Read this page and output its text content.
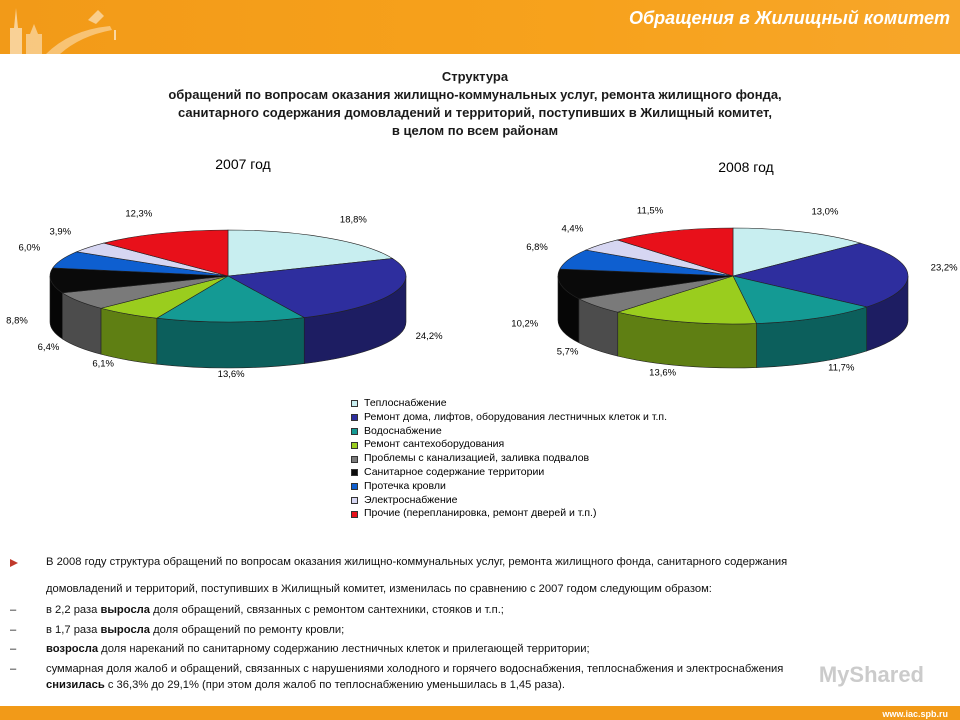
Обращения в Жилищный комитет
Структура
обращений по вопросам оказания жилищно-коммунальных услуг, ремонта жилищного фонда,
санитарного содержания домовладений и территорий, поступивших в Жилищный комитет,
в целом по всем районам
18,8%
24,2%
13,6%
6,1%
6,4%
8,8%
6,0%
3,9%
12,3%
2007 год
13,0%
23,2%
11,7%
13,6%
5,7%
10,2%
6,8%
4,4%
11,5%
2008 год
Теплоснабжение
Ремонт дома, лифтов, оборудования лестничных клеток и т.п.
Водоснабжение
Ремонт сантехоборудования
Проблемы с канализацией, заливка подвалов
Санитарное содержание территории
Протечка кровли
Электроснабжение
Прочие (перепланировка, ремонт дверей и т.п.)
В 2008 году структура обращений по вопросам оказания жилищно-коммунальных услуг, ремонта жилищного фонда, санитарного содержания
домовладений и территорий, поступивших в Жилищный комитет, изменилась по сравнению с 2007 годом следующим образом:
–	в 2,2 раза выросла доля обращений, связанных с ремонтом сантехники, стояков и т.п.;
–	в 1,7 раза выросла доля обращений по ремонту кровли;
–	возросла доля нареканий по санитарному содержанию лестничных клеток и прилегающей территории;
–	суммарная доля жалоб и обращений, связанных с нарушениями холодного и горячего водоснабжения, теплоснабжения и электроснабжения
снизилась с 36,3% до 29,1% (при этом доля жалоб по теплоснабжению уменьшилась в 1,45 раза).	MyShared
www.iac.spb.ru
